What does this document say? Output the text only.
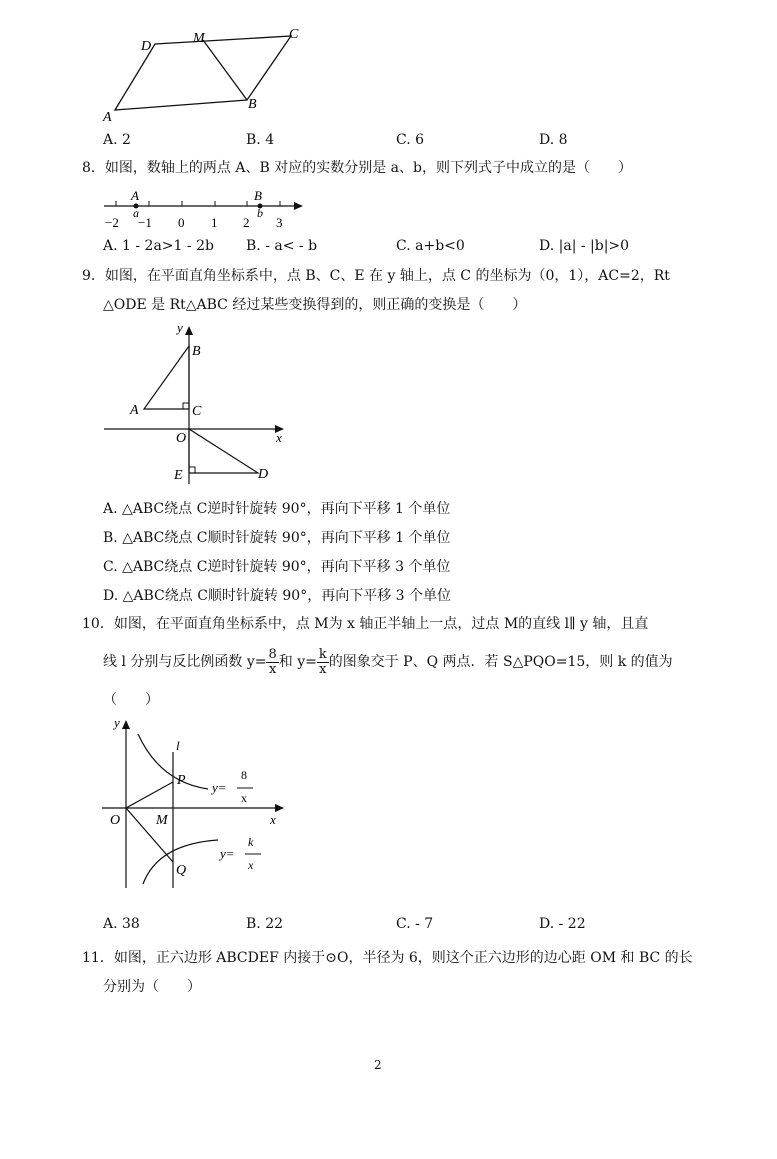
A
D
M	C
B
A. 2	B. 4	C. 6	D. 8
8．如图，数轴上的两点 A、B 对应的实数分别是 a、b，则下列式子中成立的是（　　）
A	B
a	b
−2 −1 0 1 2 3
A. 1 - 2a>1 - 2b B. - a< - b	C. a+b<0	D. |a| - |b|>0
9．如图，在平面直角坐标系中，点 B、C、E 在 y 轴上，点 C 的坐标为（0，1），AC=2，Rt
△ODE 是 Rt△ABC 经过某些变换得到的，则正确的变换是（　　）
y
x
B
A	C
O
E	D
A. △ABC绕点 C逆时针旋转 90°，再向下平移 1 个单位
B. △ABC绕点 C顺时针旋转 90°，再向下平移 1 个单位
C. △ABC绕点 C逆时针旋转 90°，再向下平移 3 个单位
D. △ABC绕点 C顺时针旋转 90°，再向下平移 3 个单位
10．如图，在平面直角坐标系中，点 M为 x 轴正半轴上一点，过点 M的直线 l∥ y 轴，且直
线 l 分别与反比例函数 $y= \frac{8}{x}$ 和 $y= \frac{k}{x}$ 的图象交于 P、Q 两点．若 S△PQO=15，则 k 的值为
（　　）
y
x
l
P
O	M
Q
y=
8
x
y=
k
x
A. 38	B. 22	C. - 7	D. - 22
11．如图，正六边形 ABCDEF 内接于⊙O，半径为 6，则这个正六边形的边心距 OM 和 BC 的长
分别为（　　）
2
